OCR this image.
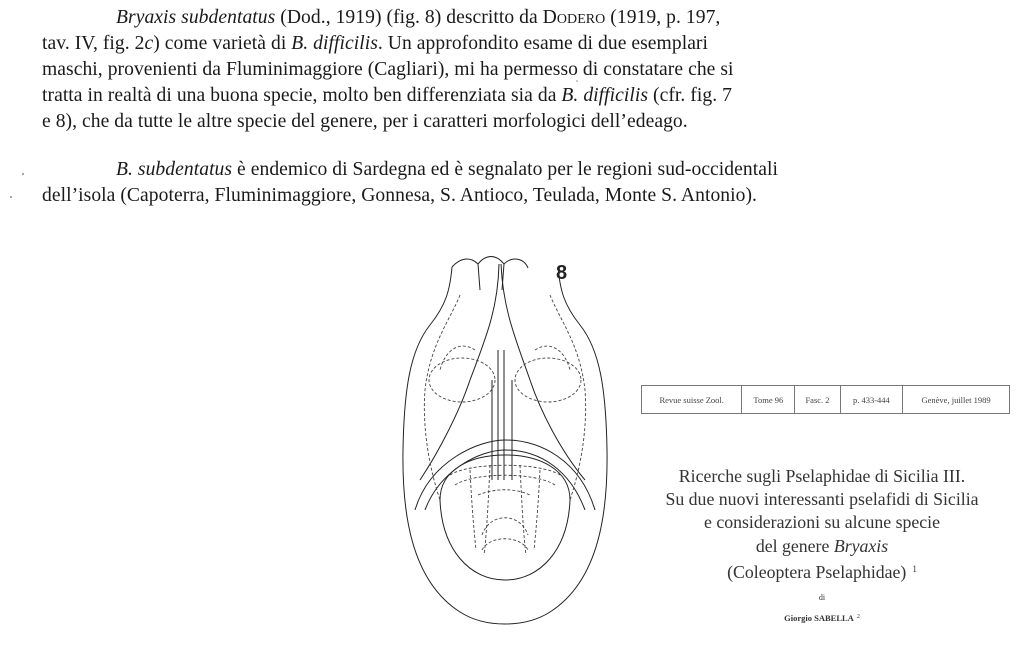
Bryaxis subdentatus (Dod., 1919) (fig. 8) descritto da Dodero (1919, p. 197,
tav. IV, fig. 2c) come varietà di B. difficilis. Un approfondito esame di due esemplari
maschi, provenienti da Fluminimaggiore (Cagliari), mi ha permesso di constatare che si
tratta in realtà di una buona specie, molto ben differenziata sia da B. difficilis (cfr. fig. 7
e 8), che da tutte le altre specie del genere, per i caratteri morfologici dell’edeago.
B. subdentatus è endemico di Sardegna ed è segnalato per le regioni sud-occidentali
dell’isola (Capoterra, Fluminimaggiore, Gonnesa, S. Antioco, Teulada, Monte S. Antonio).
8
Revue suisse Zool.	Tome 96	Fasc. 2	p. 433-444	Genève, juillet 1989
Ricerche sugli Pselaphidae di Sicilia III.
Su due nuovi interessanti pselafidi di Sicilia
e considerazioni su alcune specie
del genere Bryaxis
(Coleoptera Pselaphidae) $^1$
di
Giorgio SABELLA $^2$
